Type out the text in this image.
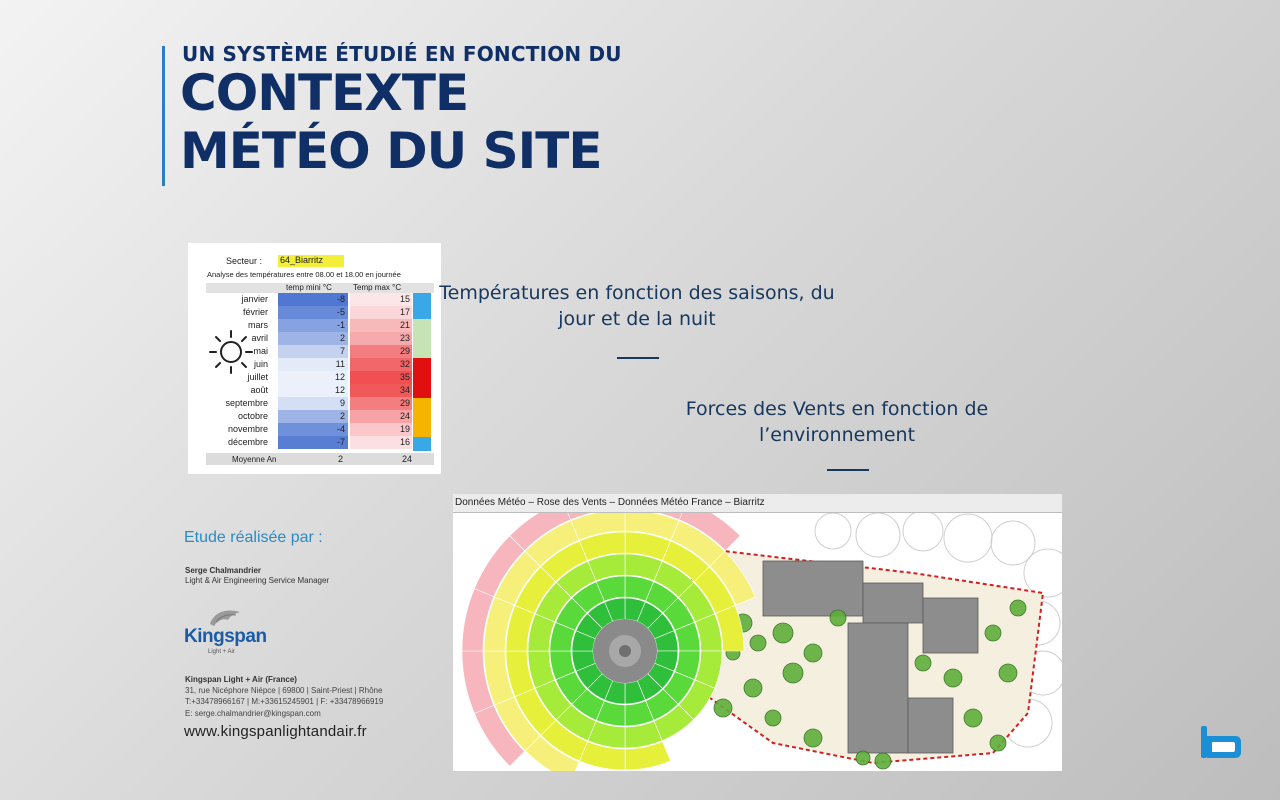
UN SYSTÈME ÉTUDIÉ EN FONCTION DU
CONTEXTE
MÉTÉO DU SITE
Secteur : 64_Biarritz
Analyse des températures entre 08.00 et 18.00 en journée
temp mini °C	Temp max °C
janvier	-8	15
février	-5	17
mars	-1	21
avril	2	23
mai	7	29
juin	11	32
juillet	12	35
août	12	34
septembre	9	29
octobre	2	24
novembre	-4	19
décembre	-7	16
Moyenne An	2	24
Températures en fonction des saisons, du jour et de la nuit
Forces des Vents en fonction de l’environnement
Etude réalisée par :
Serge Chalmandrier
Light & Air Engineering Service Manager
Kingspan
Light + Air
Kingspan Light + Air (France)
31, rue Nicéphore Niépce | 69800 | Saint-Priest | Rhône
T:+33478966167 | M:+33615245901 | F: +33478966919
E: serge.chalmandrier@kingspan.com
www.kingspanlightandair.fr
Données Météo – Rose des Vents – Données Météo France – Biarritz
